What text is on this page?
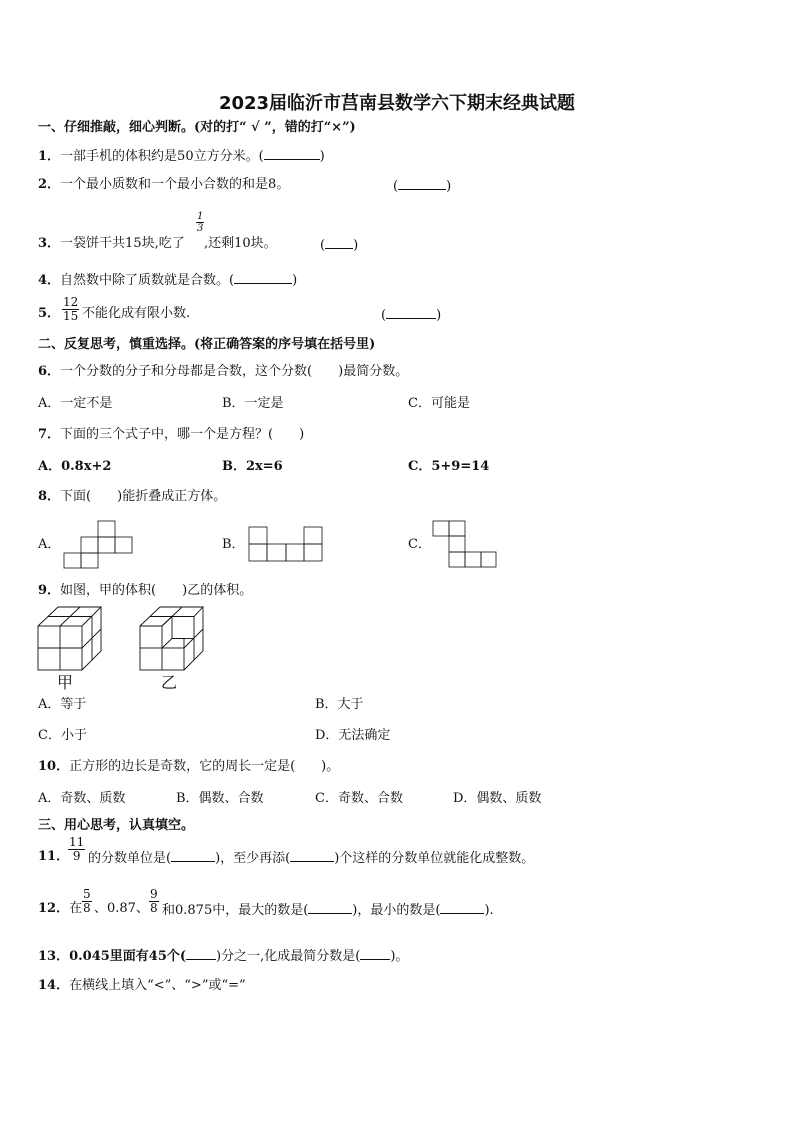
2023届临沂市莒南县数学六下期末经典试题
一、仔细推敲，细心判断。(对的打“ √ ”，错的打“×”)
1．一部手机的体积约是50立方分米。(	)
2．一个最小质数和一个最小合数的和是8。	(	)
3．一袋饼干共15块,吃了
$\frac{1}{3}$
,还剩10块。	( )
4．自然数中除了质数就是合数。(	)
5． $\frac{12}{15}$ 不能化成有限小数.	(	)
二、反复思考，慎重选择。(将正确答案的序号填在括号里)
6．一个分数的分子和分母都是合数，这个分数(　　)最简分数。
A．一定不是	B．一定是	C．可能是
7．下面的三个式子中，哪一个是方程？(　　)
A．0.8x+2	B．2x=6	C．5+9=14
8．下面(　　)能折叠成正方体。
A．	B．	C．
9．如图，甲的体积(　　)乙的体积。
甲	乙
A．等于	B．大于
C．小于	D．无法确定
10．正方形的边长是奇数，它的周长一定是(　　)。
A．奇数、质数	B．偶数、合数	C．奇数、合数	D．偶数、质数
三、用心思考，认真填空。
11．
$\frac{11}{9}$ 的分数单位是(	)，至少再添(	)个这样的分数单位就能化成整数。
12．在 $\frac{5}{8}$ 、0.87、 $\frac{9}{8}$ 和0.875中，最大的数是(	)，最小的数是(	).
13．0.045里面有45个( )分之一,化成最简分数是( )。
14．在横线上填入“<”、“>”或“=”
